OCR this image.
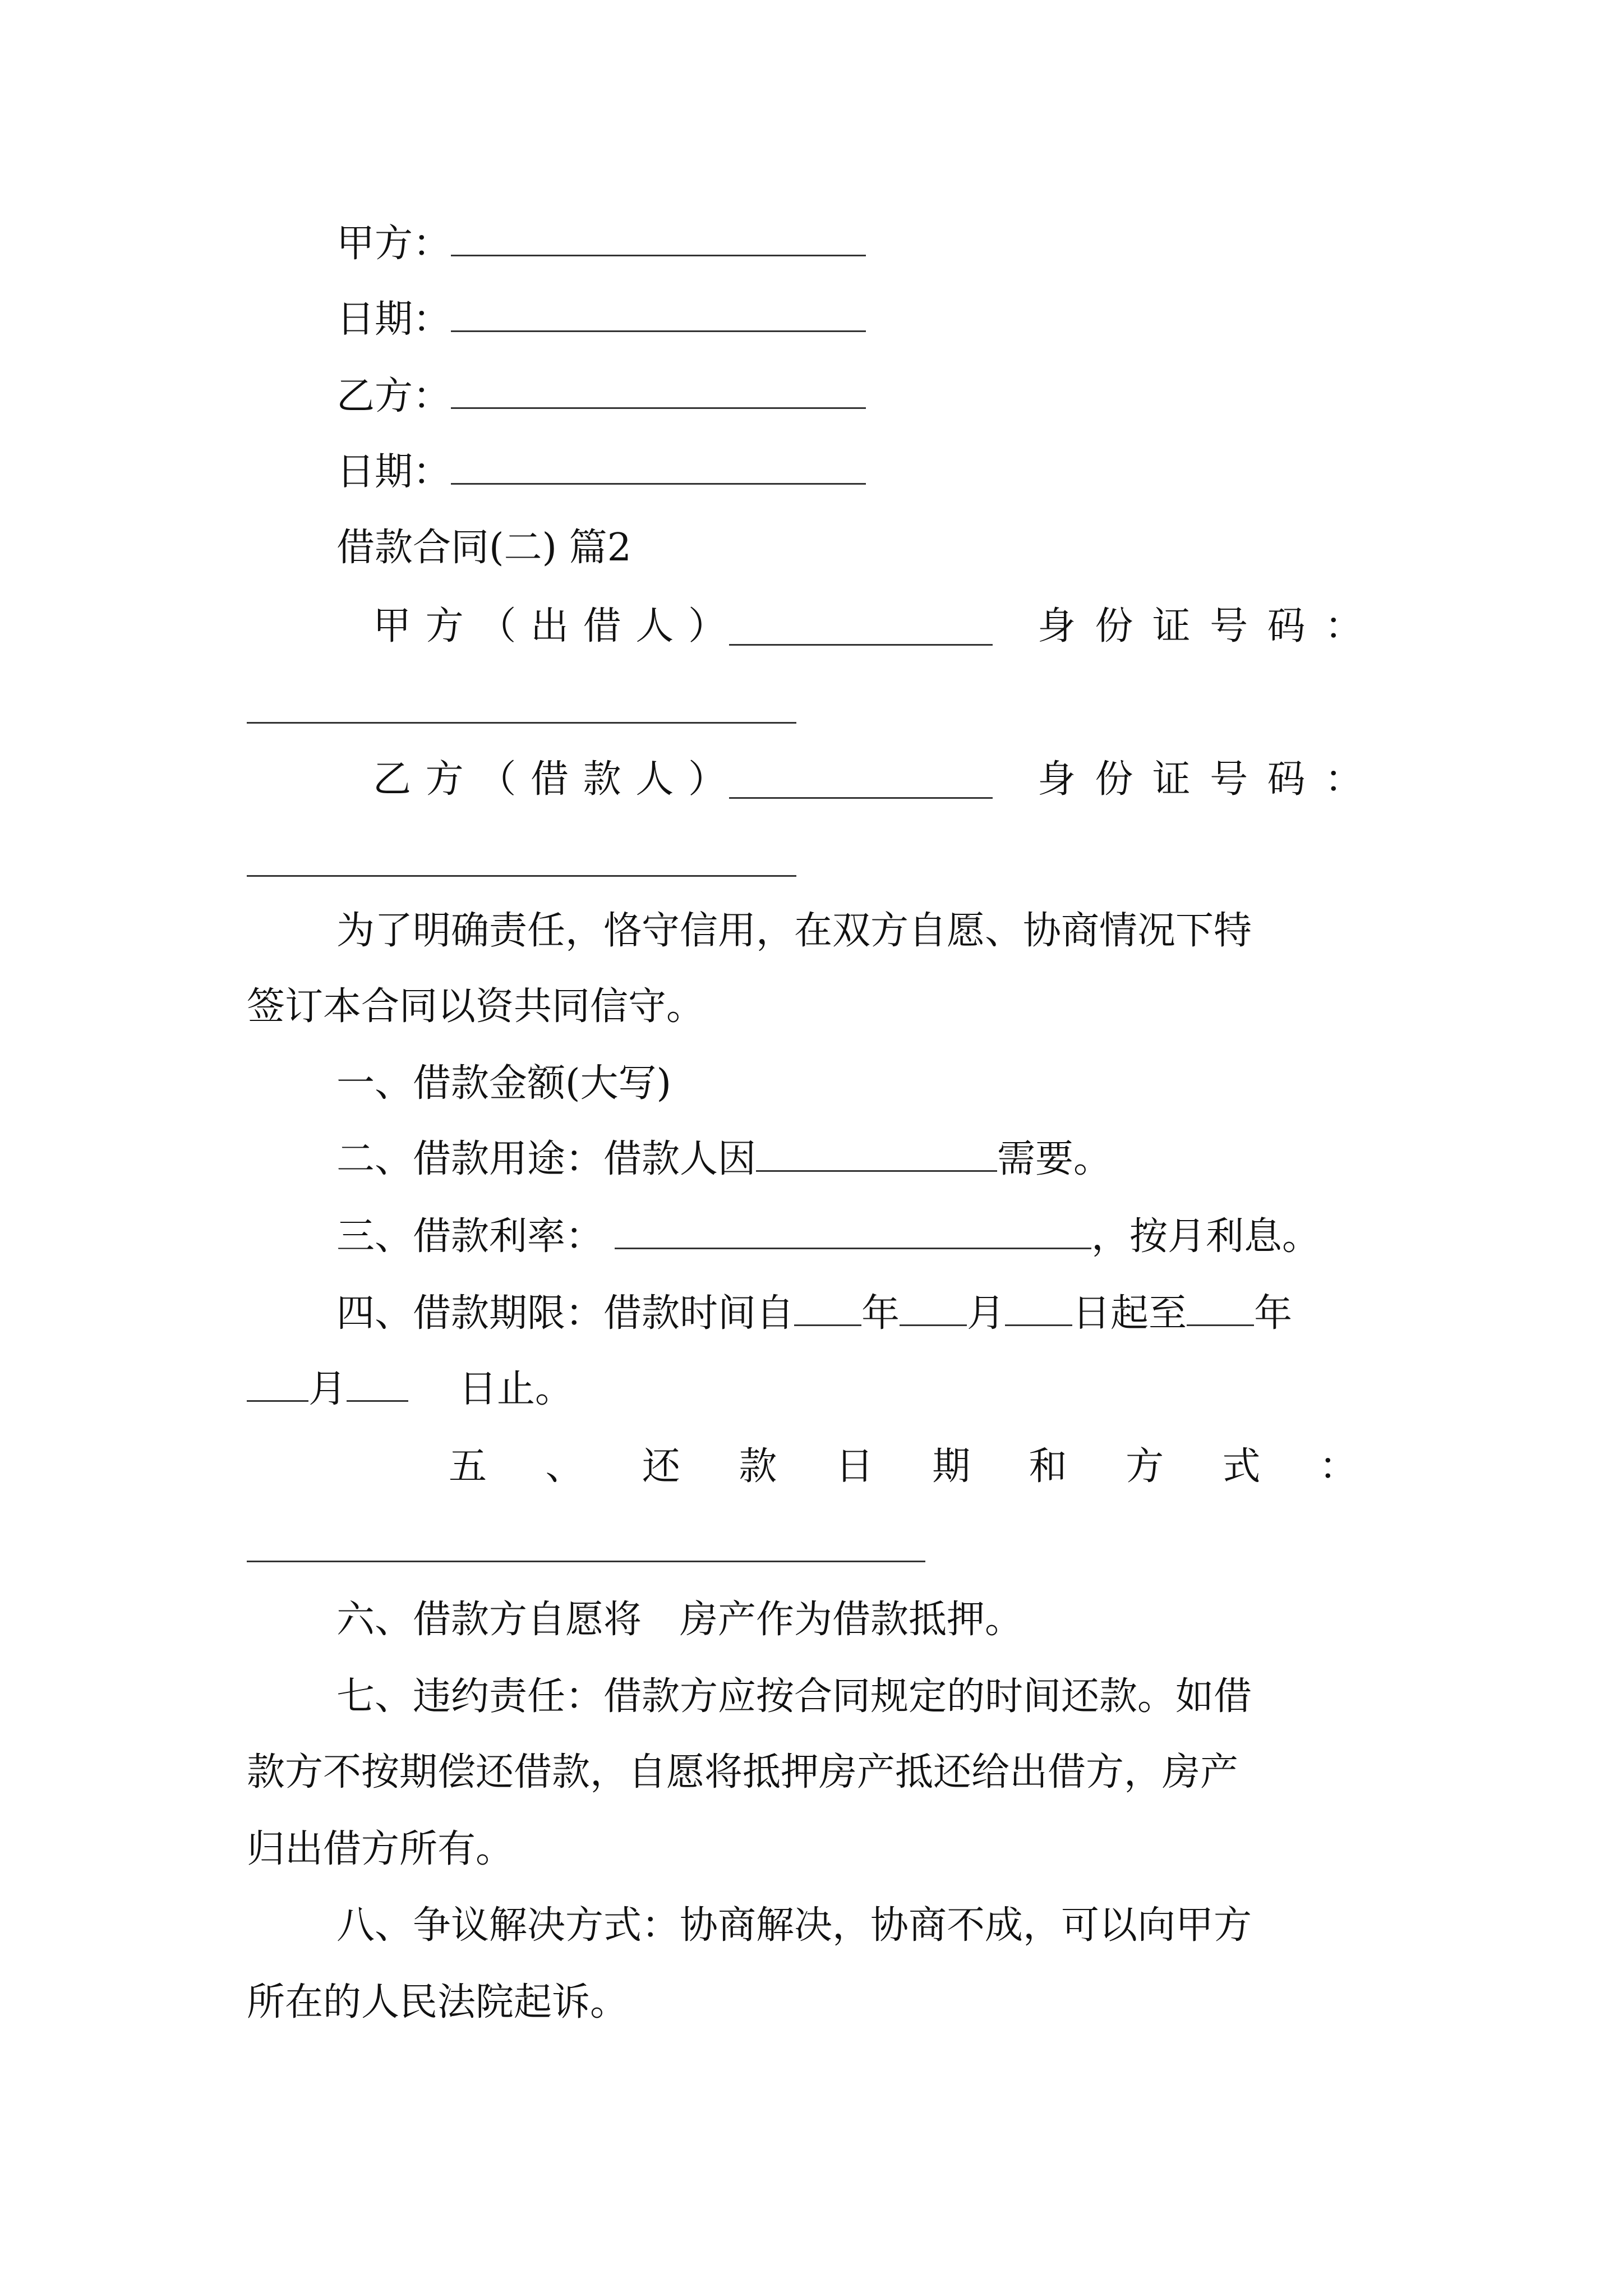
甲方：
日期：
乙方：
日期：
借款合同(二) 篇2
甲 方 （ 出 借 人 ）	身 份 证 号 码 ：
乙 方 （ 借 款 人 ）	身 份 证 号 码 ：
为了明确责任，恪守信用，在双方自愿、协商情况下特
签订本合同以资共同信守。
一、借款金额(大写)
二、借款用途：借款人因	需要。
三、借款利率：	，按月利息。
四、借款期限：借款时间自 年 月 日起至 年
月	日止。
五 、 还 款 日 期 和 方 式 ：
六、借款方自愿将　房产作为借款抵押。
七、违约责任：借款方应按合同规定的时间还款。如借
款方不按期偿还借款，自愿将抵押房产抵还给出借方，房产
归出借方所有。
八、争议解决方式：协商解决，协商不成，可以向甲方
所在的人民法院起诉。
